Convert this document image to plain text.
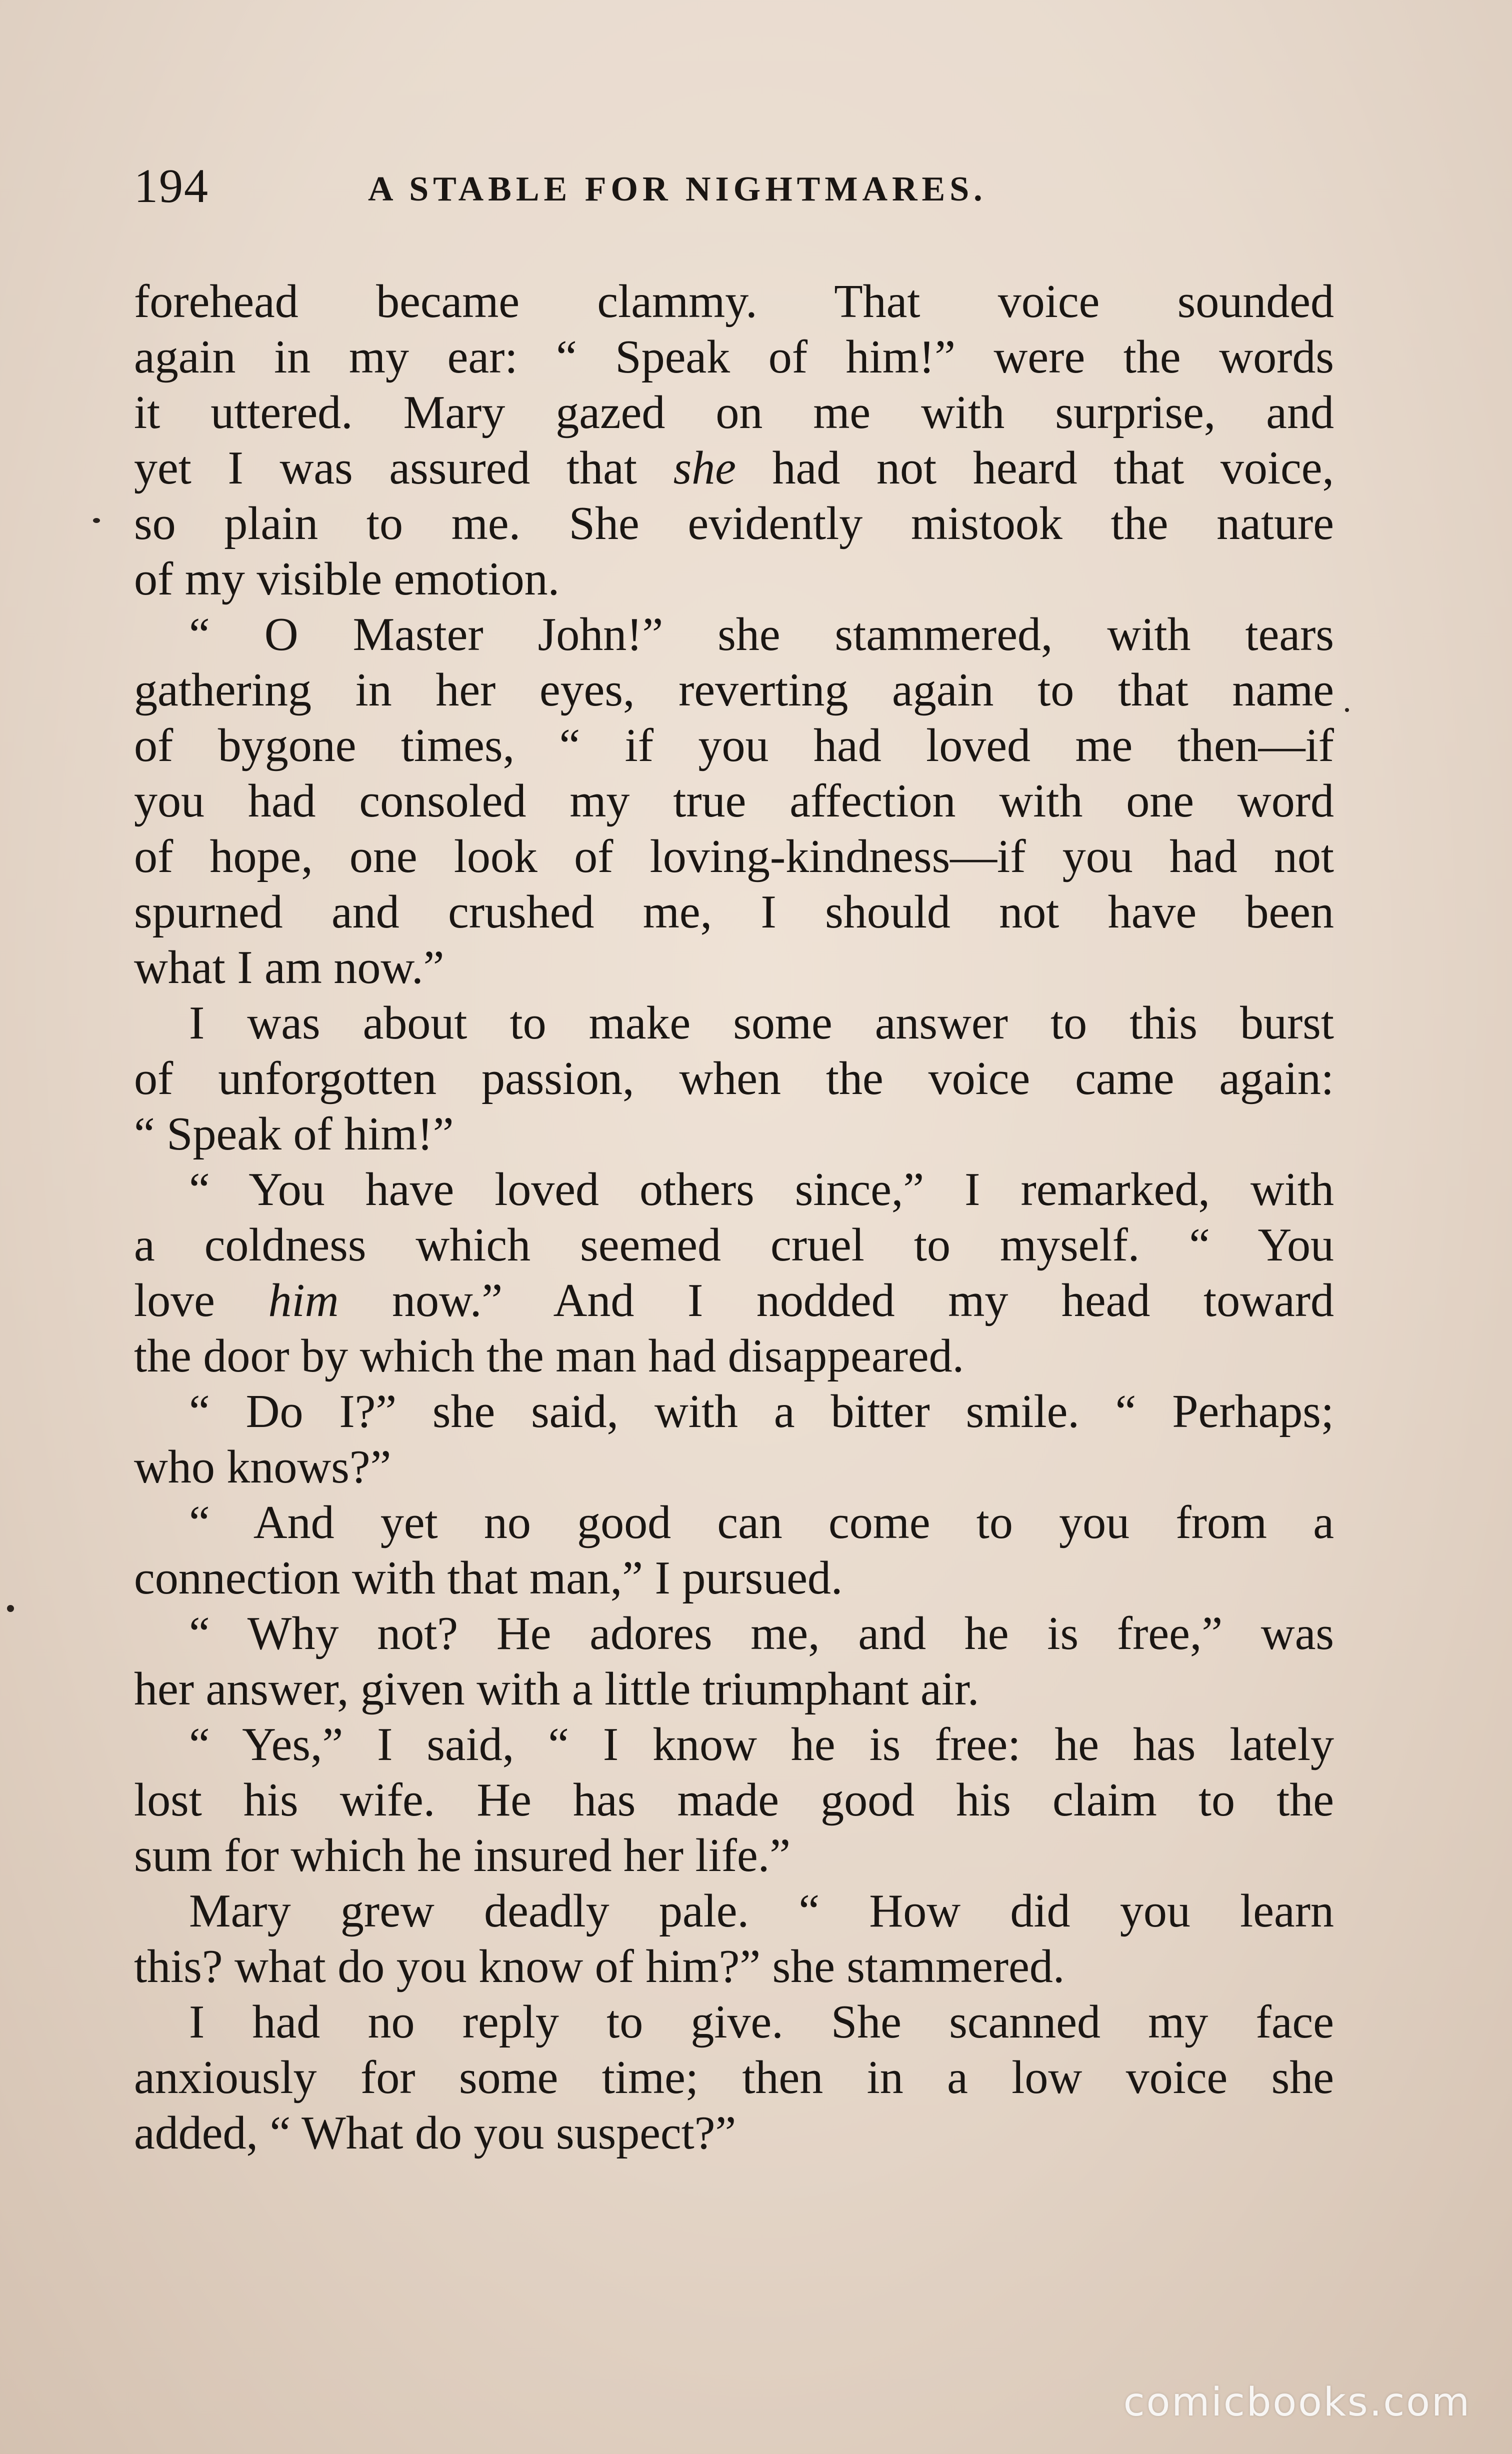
194	A STABLE FOR NIGHTMARES.
forehead became clammy. That voice sounded
again in my ear: “ Speak of him!” were the words
it uttered. Mary gazed on me with surprise, and
yet I was assured that she had not heard that voice,
so plain to me. She evidently mistook the nature
of my visible emotion.
“ O Master John!” she stammered, with tears
gathering in her eyes, reverting again to that name
of bygone times, “ if you had loved me then—if
you had consoled my true affection with one word
of hope, one look of loving-kindness—if you had not
spurned and crushed me, I should not have been
what I am now.”
I was about to make some answer to this burst
of unforgotten passion, when the voice came again:
“ Speak of him!”
“ You have loved others since,” I remarked, with
a coldness which seemed cruel to myself. “ You
love him now.” And I nodded my head toward
the door by which the man had disappeared.
“ Do I?” she said, with a bitter smile. “ Perhaps;
who knows?”
“ And yet no good can come to you from a
connection with that man,” I pursued.
“ Why not? He adores me, and he is free,” was
her answer, given with a little triumphant air.
“ Yes,” I said, “ I know he is free: he has lately
lost his wife. He has made good his claim to the
sum for which he insured her life.”
Mary grew deadly pale. “ How did you learn
this? what do you know of him?” she stammered.
I had no reply to give. She scanned my face
anxiously for some time; then in a low voice she
added, “ What do you suspect?”
comicbooks.com
